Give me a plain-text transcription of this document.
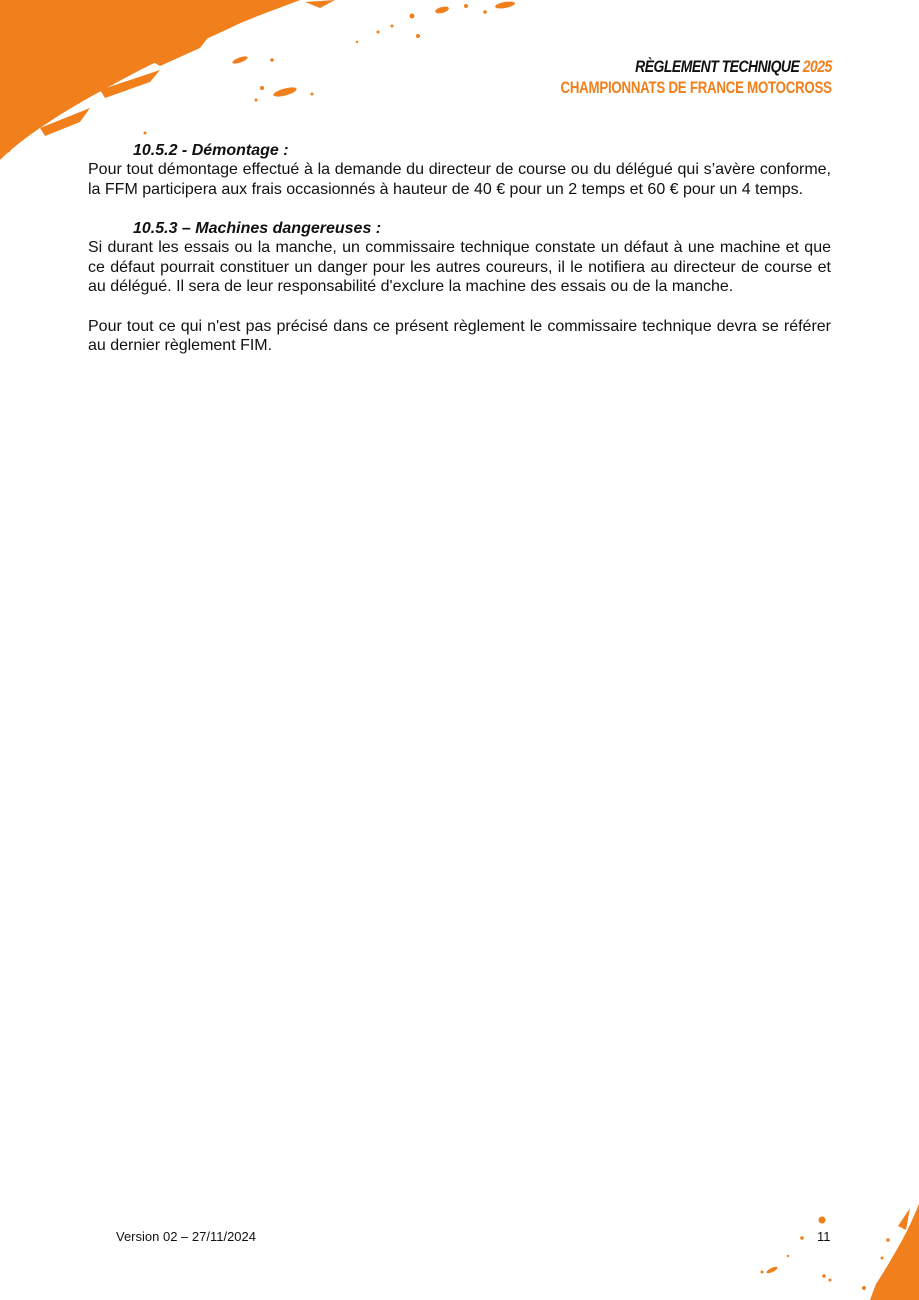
RÈGLEMENT TECHNIQUE 2025
CHAMPIONNATS DE FRANCE MOTOCROSS

10.5.2 - Démontage :

Pour tout démontage effectué à la demande du directeur de course ou du délégué qui s’avère conforme, la FFM participera aux frais occasionnés à hauteur de 40 € pour un 2 temps et 60 € pour un 4 temps.

10.5.3 – Machines dangereuses :

Si durant les essais ou la manche, un commissaire technique constate un défaut à une machine et que ce défaut pourrait constituer un danger pour les autres coureurs, il le notifiera au directeur de course et au délégué. Il sera de leur responsabilité d'exclure la machine des essais ou de la manche.

Pour tout ce qui n'est pas précisé dans ce présent règlement le commissaire technique devra se référer au dernier règlement FIM.

Version 02 – 27/11/2024	11
